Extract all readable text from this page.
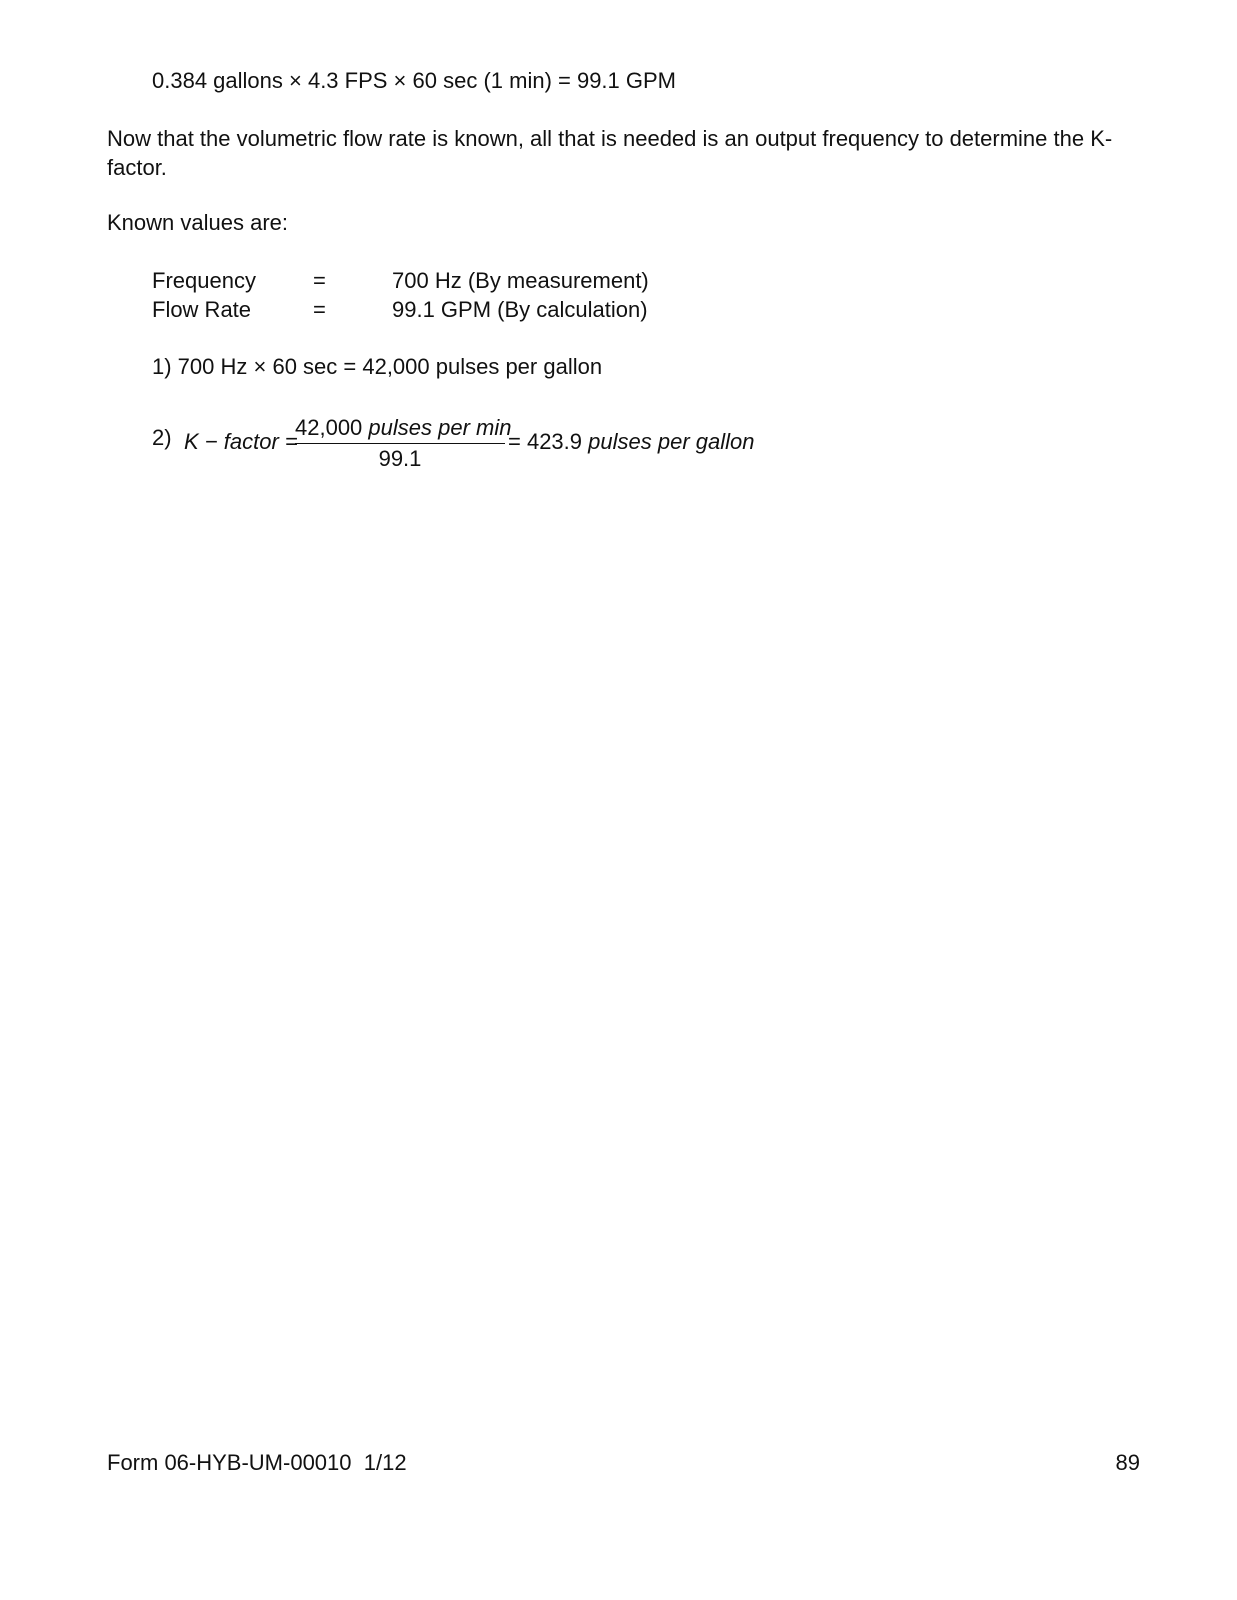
0.384 gallons × 4.3 FPS × 60 sec (1 min) = 99.1 GPM
Now that the volumetric flow rate is known, all that is needed is an output frequency to determine the K-factor.
Known values are:
Frequency	=	700 Hz (By measurement)
Flow Rate	=	99.1 GPM (By calculation)
1) 700 Hz × 60 sec = 42,000 pulses per gallon
2) K − factor =
42,000 pulses per min
99.1
= 423.9 pulses per gallon
Form 06-HYB-UM-00010  1/12	89
